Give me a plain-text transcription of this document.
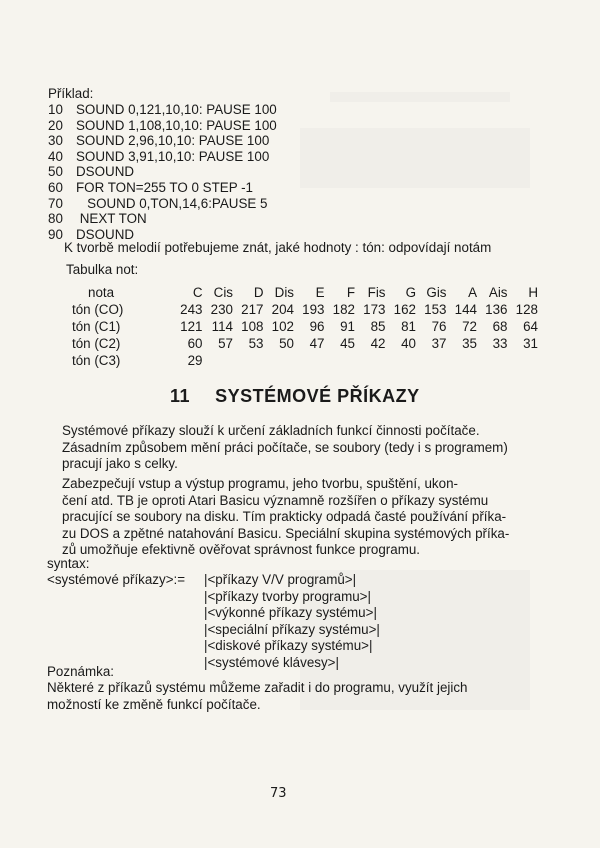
Příklad:
10 SOUND 0,121,10,10: PAUSE 100
20 SOUND 1,108,10,10: PAUSE 100
30 SOUND 2,96,10,10: PAUSE 100
40 SOUND 3,91,10,10: PAUSE 100
50 DSOUND
60 FOR TON=255 TO 0 STEP -1
70   SOUND 0,TON,14,6:PAUSE 5
80 NEXT TON
90 DSOUND
K tvorbě melodií potřebujeme znát, jaké hodnoty : tón: odpovídají notám
Tabulka not:
nota	C	Cis	D	Dis	E	F	Fis	G	Gis	A	Ais	H
tón (CO)	243	230	217	204	193	182	173	162	153	144	136	128
tón (C1)	121	114	108	102	96	91	85	81	76	72	68	64
tón (C2)	60	57	53	50	47	45	42	40	37	35	33	31
tón (C3)	29											
11 SYSTÉMOVÉ PŘÍKAZY

Systémové příkazy slouží k určení základních funkcí činnosti počítače.

Zásadním způsobem mění práci počítače, se soubory (tedy i s programem)

pracují jako s celky.

Zabezpečují vstup a výstup programu, jeho tvorbu, spuštění, ukon-

čení atd. TB je oproti Atari Basicu významně rozšířen o příkazy systému

pracující se soubory na disku. Tím prakticky odpadá časté používání příka-

zu DOS a zpětné natahování Basicu. Speciální skupina systémových příka-

zů umožňuje efektivně ověřovat správnost funkce programu.

syntax:
<systémové příkazy>:= |<příkazy V/V programů>|
|<příkazy tvorby programu>|
|<výkonné příkazy systému>|
|<speciální příkazy systému>|
|<diskové příkazy systému>|
|<systémové klávesy>|
Poznámka:
Některé z příkazů systému můžeme zařadit i do programu, využít jejich
možností ke změně funkcí počítače.
73
